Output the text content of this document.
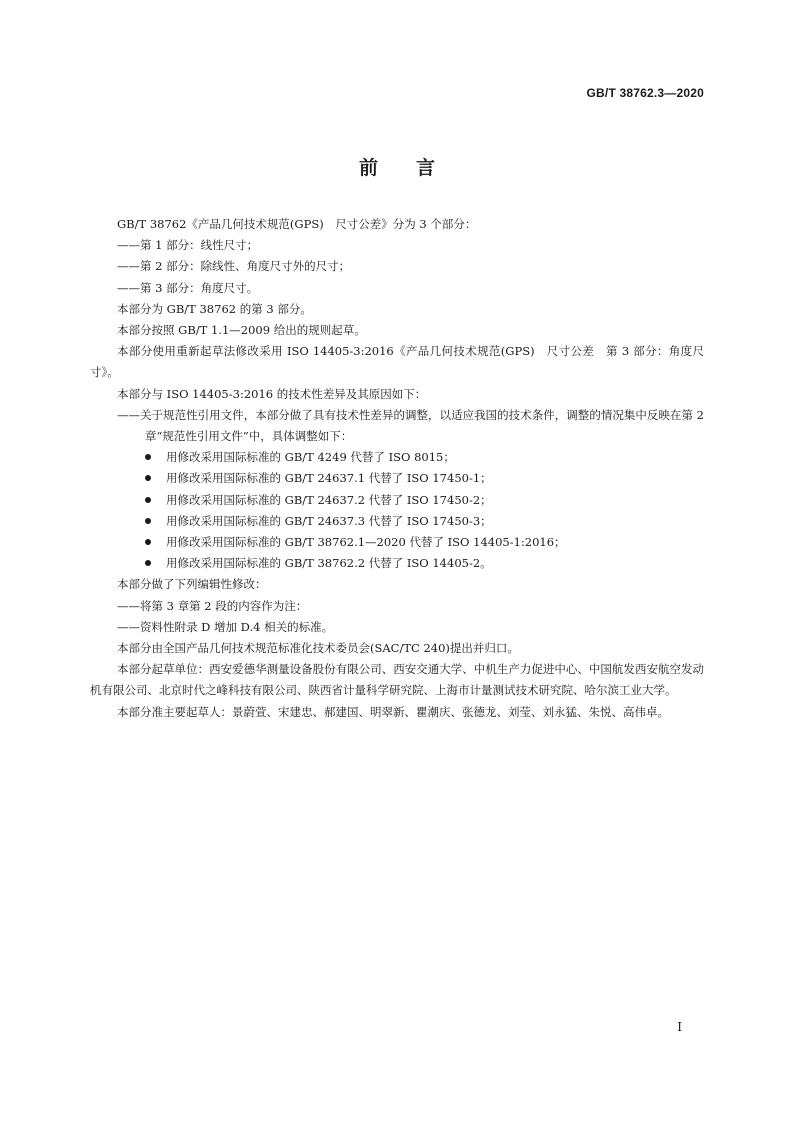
GB/T 38762.3—2020
前言

GB/T 38762《产品几何技术规范(GPS)　尺寸公差》分为 3 个部分：

——第 1 部分：线性尺寸；

——第 2 部分：除线性、角度尺寸外的尺寸；

——第 3 部分：角度尺寸。

本部分为 GB/T 38762 的第 3 部分。

本部分按照 GB/T 1.1—2009 给出的规则起草。

本部分使用重新起草法修改采用 ISO 14405-3:2016《产品几何技术规范(GPS)　尺寸公差　第 3 部分：角度尺寸》。

本部分与 ISO 14405-3:2016 的技术性差异及其原因如下：

——关于规范性引用文件，本部分做了具有技术性差异的调整，以适应我国的技术条件，调整的情况集中反映在第 2 章“规范性引用文件”中，具体调整如下：

用修改采用国际标准的 GB/T 4249 代替了 ISO 8015；
用修改采用国际标准的 GB/T 24637.1 代替了 ISO 17450-1；
用修改采用国际标准的 GB/T 24637.2 代替了 ISO 17450-2；
用修改采用国际标准的 GB/T 24637.3 代替了 ISO 17450-3；
用修改采用国际标准的 GB/T 38762.1—2020 代替了 ISO 14405-1:2016；
用修改采用国际标准的 GB/T 38762.2 代替了 ISO 14405-2。

本部分做了下列编辑性修改：

——将第 3 章第 2 段的内容作为注：

——资料性附录 D 增加 D.4 相关的标准。

本部分由全国产品几何技术规范标准化技术委员会(SAC/TC 240)提出并归口。

本部分起草单位：西安爱德华测量设备股份有限公司、西安交通大学、中机生产力促进中心、中国航发西安航空发动机有限公司、北京时代之峰科技有限公司、陕西省计量科学研究院、上海市计量测试技术研究院、哈尔滨工业大学。

本部分准主要起草人：景蔚萱、宋建忠、郝建国、明翠新、瞿潮庆、张德龙、刘莹、刘永猛、朱悦、高伟卓。

I
